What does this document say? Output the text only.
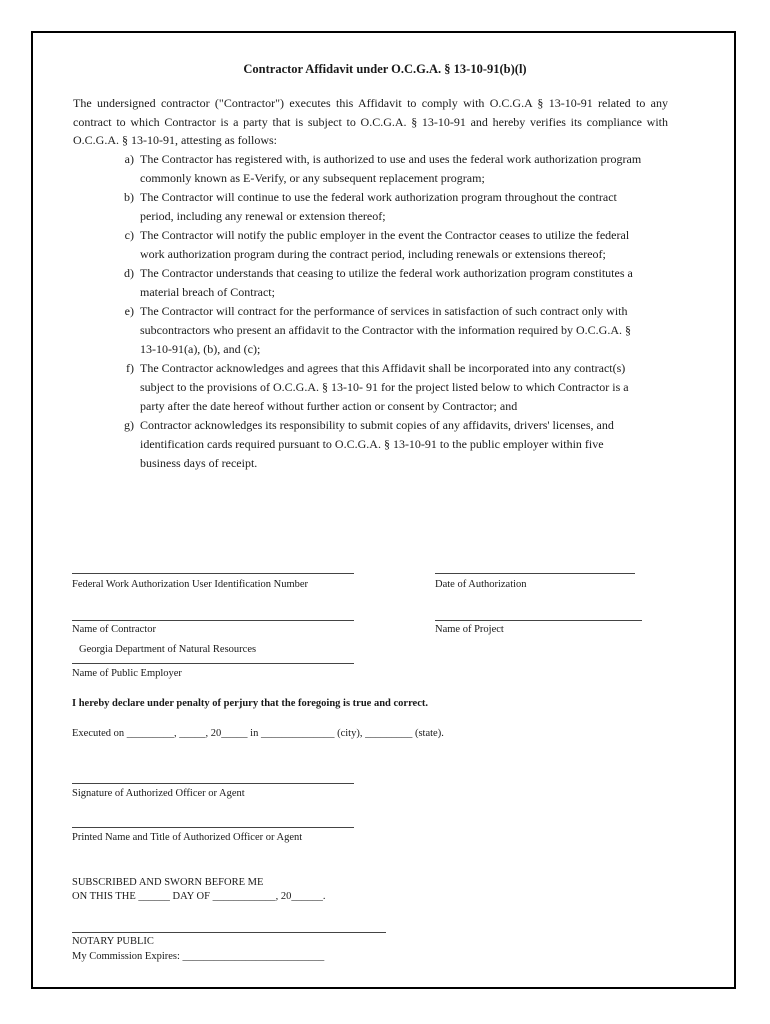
Contractor Affidavit under O.C.G.A. § 13-10-91(b)(l)

The undersigned contractor ("Contractor") executes this Affidavit to comply with O.C.G.A § 13-10-91 related to any contract to which Contractor is a party that is subject to O.C.G.A. § 13-10-91 and hereby verifies its compliance with O.C.G.A. § 13-10-91, attesting as follows:

a) The Contractor has registered with, is authorized to use and uses the federal work authorization program commonly known as E-Verify, or any subsequent replacement program;
b) The Contractor will continue to use the federal work authorization program throughout the contract period, including any renewal or extension thereof;
c) The Contractor will notify the public employer in the event the Contractor ceases to utilize the federal work authorization program during the contract period, including renewals or extensions thereof;
d) The Contractor understands that ceasing to utilize the federal work authorization program constitutes a material breach of Contract;
e) The Contractor will contract for the performance of services in satisfaction of such contract only with subcontractors who present an affidavit to the Contractor with the information required by O.C.G.A. § 13-10-91(a), (b), and (c);
f) The Contractor acknowledges and agrees that this Affidavit shall be incorporated into any contract(s) subject to the provisions of O.C.G.A. § 13-10- 91 for the project listed below to which Contractor is a party after the date hereof without further action or consent by Contractor; and
g) Contractor acknowledges its responsibility to submit copies of any affidavits, drivers' licenses, and identification cards required pursuant to O.C.G.A. § 13-10-91 to the public employer within five business days of receipt.
Federal Work Authorization User Identification Number	Date of Authorization
Name of Contractor	Name of Project
Georgia Department of Natural Resources
Name of Public Employer
I hereby declare under penalty of perjury that the foregoing is true and correct.
Executed on _________, _____, 20_____ in ______________ (city), _________ (state).
Signature of Authorized Officer or Agent
Printed Name and Title of Authorized Officer or Agent
SUBSCRIBED AND SWORN BEFORE ME
ON THIS THE ______ DAY OF ____________, 20______.
NOTARY PUBLIC
My Commission Expires: ___________________________
